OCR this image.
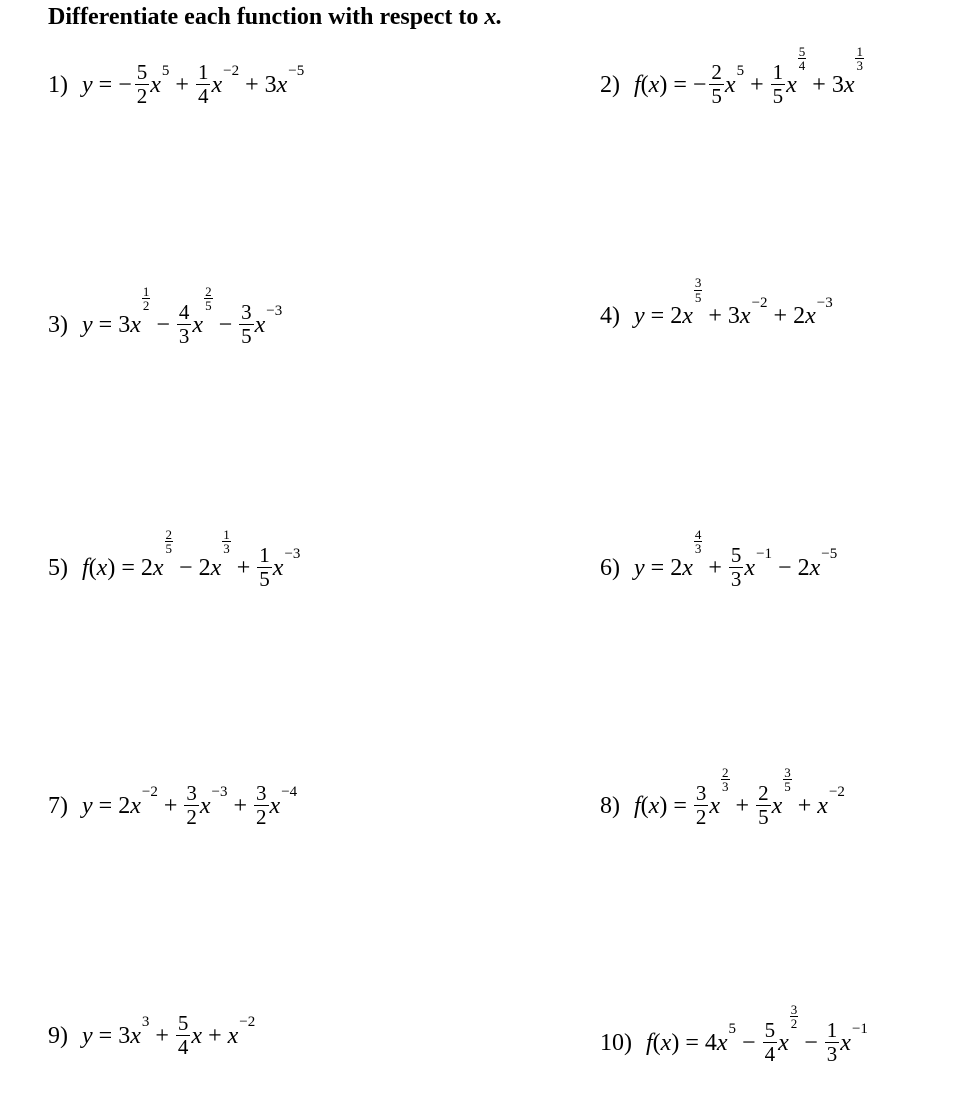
Differentiate each function with respect to x.
1) y = − $\frac{5}{2}$ x
5
+ $\frac{1}{4}$ x
−2
+ 3 x
−5
2) f ( x ) = − $\frac{2}{5}$ x
5
+ $\frac{1}{5}$ x
5
4
+ 3 x
1
3
3) y = 3 x
1
2
− $\frac{4}{3}$ x
2
5
− $\frac{3}{5}$ x
−3	4) y = 2 x
3
5
+ 3 x
−2
+ 2 x
−3
5) f ( x ) = 2 x
2
5
− 2 x
1
3
+ $\frac{1}{5}$ x
−3
6) y = 2 x
4
3
+ $\frac{5}{3}$ x
−1
− 2 x
−5
7) y = 2 x
−2
+ $\frac{3}{2}$ x
−3
+ $\frac{3}{2}$ x
−4
8) f ( x ) = $\frac{3}{2}$ x
2
3
+ $\frac{2}{5}$ x
3
5
+ x
−2
9) y = 3 x
3
+ $\frac{5}{4}$ x + x
−2
10) f ( x ) = 4 x
5
− $\frac{5}{4}$ x
3
2
− $\frac{1}{3}$ x
−1
